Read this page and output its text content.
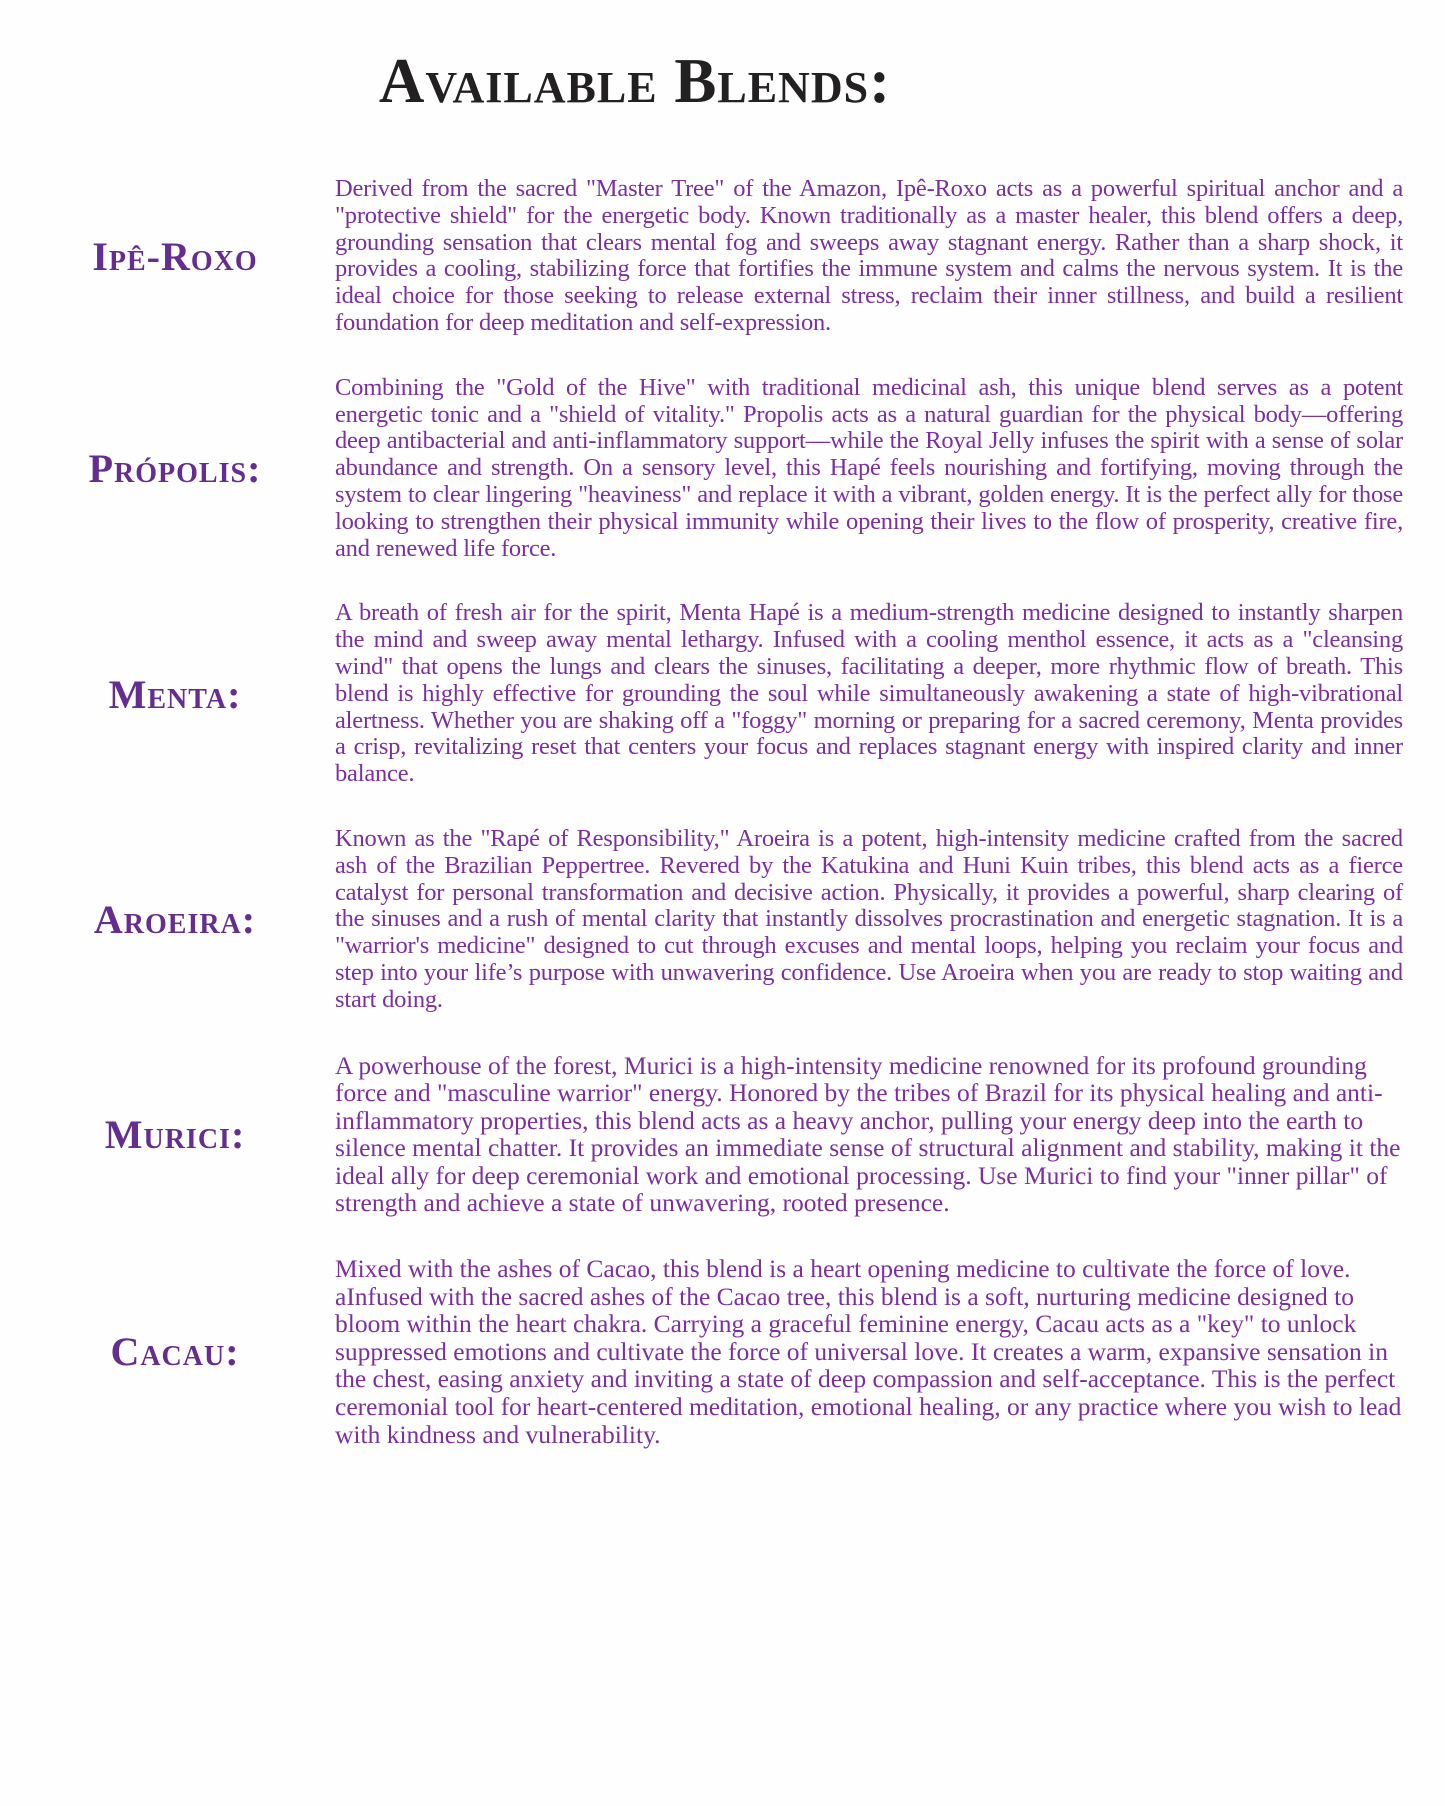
Available Blends:
Ipê-Roxo
Derived from the sacred "Master Tree" of the Amazon, Ipê-Roxo acts as a powerful spiritual anchor and a "protective shield" for the energetic body. Known traditionally as a master healer, this blend offers a deep, grounding sensation that clears mental fog and sweeps away stagnant energy. Rather than a sharp shock, it provides a cooling, stabilizing force that fortifies the immune system and calms the nervous system. It is the ideal choice for those seeking to release external stress, reclaim their inner stillness, and build a resilient foundation for deep meditation and self-expression.
Própolis:
Combining the "Gold of the Hive" with traditional medicinal ash, this unique blend serves as a potent energetic tonic and a "shield of vitality." Propolis acts as a natural guardian for the physical body—offering deep antibacterial and anti-inflammatory support—while the Royal Jelly infuses the spirit with a sense of solar abundance and strength. On a sensory level, this Hapé feels nourishing and fortifying, moving through the system to clear lingering "heaviness" and replace it with a vibrant, golden energy. It is the perfect ally for those looking to strengthen their physical immunity while opening their lives to the flow of prosperity, creative fire, and renewed life force.
Menta:
A breath of fresh air for the spirit, Menta Hapé is a medium-strength medicine designed to instantly sharpen the mind and sweep away mental lethargy. Infused with a cooling menthol essence, it acts as a "cleansing wind" that opens the lungs and clears the sinuses, facilitating a deeper, more rhythmic flow of breath. This blend is highly effective for grounding the soul while simultaneously awakening a state of high-vibrational alertness. Whether you are shaking off a "foggy" morning or preparing for a sacred ceremony, Menta provides a crisp, revitalizing reset that centers your focus and replaces stagnant energy with inspired clarity and inner balance.
Aroeira:
Known as the "Rapé of Responsibility," Aroeira is a potent, high-intensity medicine crafted from the sacred ash of the Brazilian Peppertree. Revered by the Katukina and Huni Kuin tribes, this blend acts as a fierce catalyst for personal transformation and decisive action. Physically, it provides a powerful, sharp clearing of the sinuses and a rush of mental clarity that instantly dissolves procrastination and energetic stagnation. It is a "warrior's medicine" designed to cut through excuses and mental loops, helping you reclaim your focus and step into your life’s purpose with unwavering confidence. Use Aroeira when you are ready to stop waiting and start doing.
Murici:
A powerhouse of the forest, Murici is a high-intensity medicine renowned for its profound grounding force and "masculine warrior" energy. Honored by the tribes of Brazil for its physical healing and anti-inflammatory properties, this blend acts as a heavy anchor, pulling your energy deep into the earth to silence mental chatter. It provides an immediate sense of structural alignment and stability, making it the ideal ally for deep ceremonial work and emotional processing. Use Murici to find your "inner pillar" of strength and achieve a state of unwavering, rooted presence.
Cacau:
Mixed with the ashes of Cacao, this blend is a heart opening medicine to cultivate the force of love. aInfused with the sacred ashes of the Cacao tree, this blend is a soft, nurturing medicine designed to bloom within the heart chakra. Carrying a graceful feminine energy, Cacau acts as a "key" to unlock suppressed emotions and cultivate the force of universal love. It creates a warm, expansive sensation in the chest, easing anxiety and inviting a state of deep compassion and self-acceptance. This is the perfect ceremonial tool for heart-centered meditation, emotional healing, or any practice where you wish to lead with kindness and vulnerability.
